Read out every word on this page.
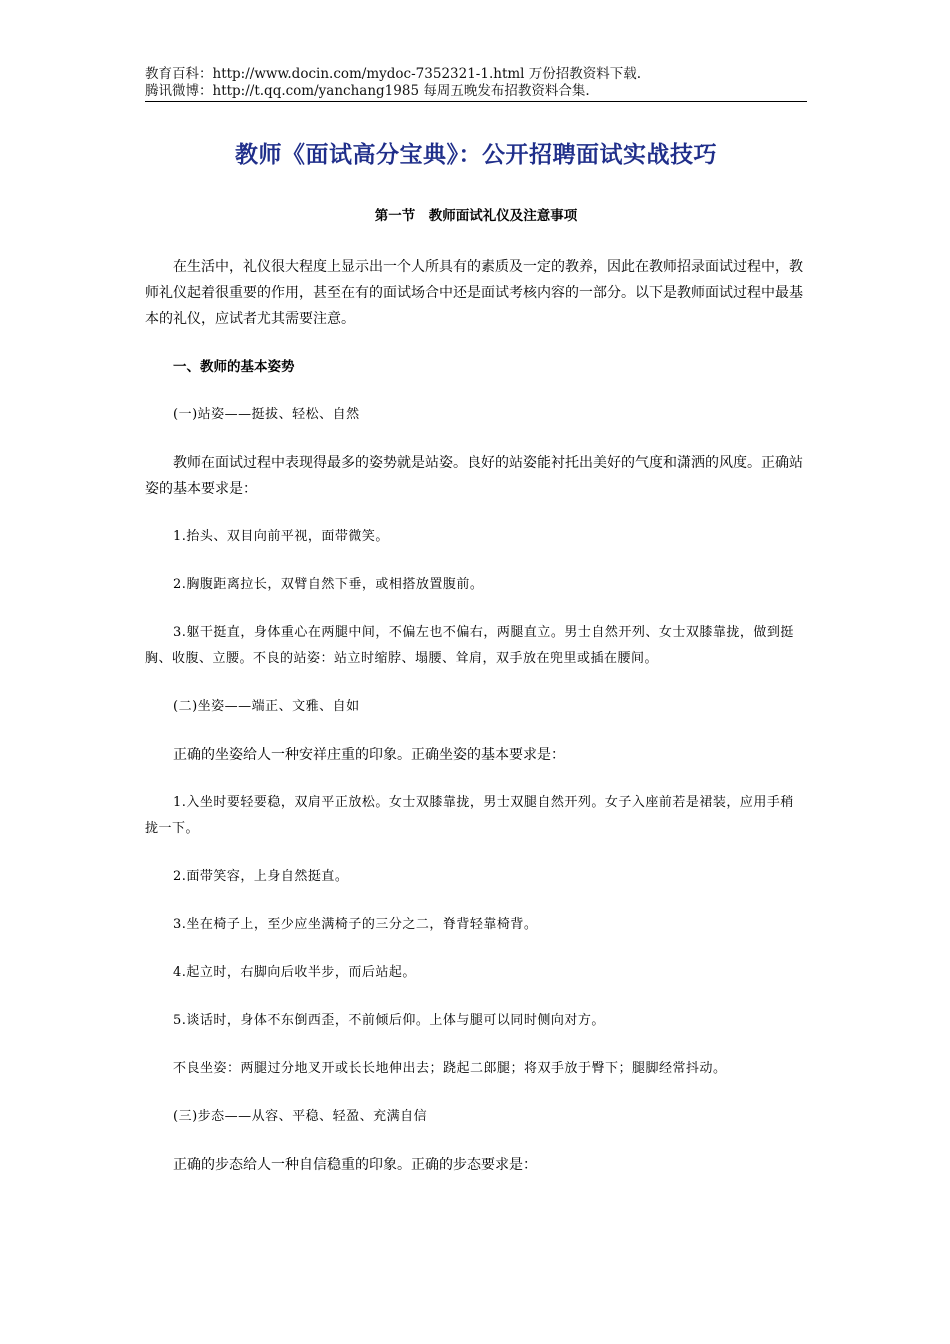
教育百科：http://www.docin.com/mydoc-7352321-1.html 万份招教资料下载.
腾讯微博：http://t.qq.com/yanchang1985 每周五晚发布招教资料合集.
教师《面试高分宝典》：公开招聘面试实战技巧
第一节　教师面试礼仪及注意事项

在生活中，礼仪很大程度上显示出一个人所具有的素质及一定的教养，因此在教师招录面试过程中，教师礼仪起着很重要的作用，甚至在有的面试场合中还是面试考核内容的一部分。以下是教师面试过程中最基本的礼仪，应试者尤其需要注意。

一、教师的基本姿势

(一)站姿——挺拔、轻松、自然

教师在面试过程中表现得最多的姿势就是站姿。良好的站姿能衬托出美好的气度和潇洒的风度。正确站姿的基本要求是：

1.抬头、双目向前平视，面带微笑。

2.胸腹距离拉长，双臂自然下垂，或相搭放置腹前。

3.躯干挺直，身体重心在两腿中间，不偏左也不偏右，两腿直立。男士自然开列、女士双膝靠拢，做到挺胸、收腹、立腰。不良的站姿：站立时缩脖、塌腰、耸肩，双手放在兜里或插在腰间。

(二)坐姿——端正、文雅、自如

正确的坐姿给人一种安祥庄重的印象。正确坐姿的基本要求是：

1.入坐时要轻要稳，双肩平正放松。女士双膝靠拢，男士双腿自然开列。女子入座前若是裙装，应用手稍拢一下。

2.面带笑容，上身自然挺直。

3.坐在椅子上，至少应坐满椅子的三分之二，脊背轻靠椅背。

4.起立时，右脚向后收半步，而后站起。

5.谈话时，身体不东倒西歪，不前倾后仰。上体与腿可以同时侧向对方。

不良坐姿：两腿过分地叉开或长长地伸出去；跷起二郎腿；将双手放于臀下；腿脚经常抖动。

(三)步态——从容、平稳、轻盈、充满自信

正确的步态给人一种自信稳重的印象。正确的步态要求是：
